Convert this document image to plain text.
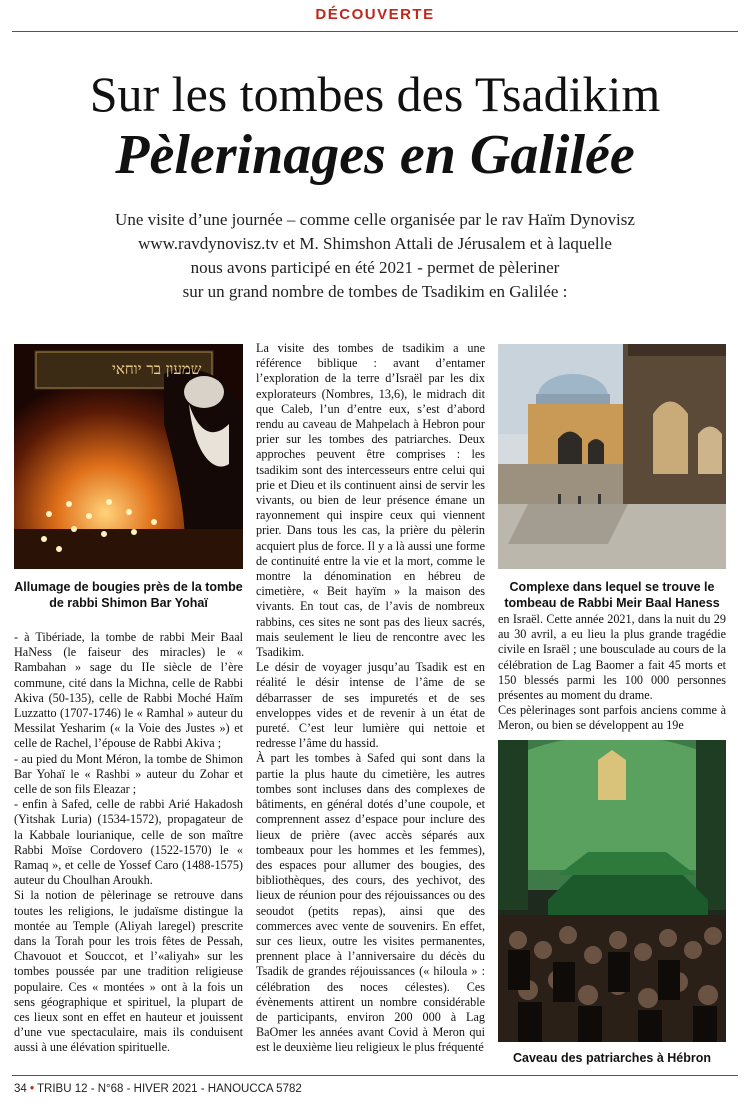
DÉCOUVERTE
Sur les tombes des Tsadikim
Pèlerinages en Galilée
Une visite d’une journée – comme celle organisée par le rav Haïm Dynovisz
www.ravdynovisz.tv et M. Shimshon Attali de Jérusalem et à laquelle
nous avons participé en été 2021 - permet de pèleriner
sur un grand nombre de tombes de Tsadikim en Galilée :
שמעון בר יוחאי
Allumage de bougies près de la tombe de rabbi Shimon Bar Yohaï
Complexe dans lequel se trouve le tombeau de Rabbi Meir Baal Haness
Caveau des patriarches à Hébron

- à Tibériade, la tombe de rabbi Meir Baal HaNess (le faiseur des miracles) le « Rambahan » sage du IIe siècle de l’ère commune, cité dans la Michna, celle de Rabbi Akiva (50-135), celle de Rabbi Moché Haïm Luzzatto (1707-1746) le « Ramhal » auteur du Messilat Yesharim (« la Voie des Justes ») et celle de Rachel, l’épouse de Rabbi Akiva ;

- au pied du Mont Méron, la tombe de Shimon Bar Yohaï le « Rashbi » auteur du Zohar et celle de son fils Eleazar ;

- enfin à Safed, celle de rabbi Arié Hakadosh (Yitshak Luria) (1534-1572), propagateur de la Kabbale lourianique, celle de son maître Rabbi Moïse Cordovero (1522-1570) le « Ramaq », et celle de Yossef Caro (1488-1575) auteur du Choulhan Aroukh.

Si la notion de pèlerinage se retrouve dans toutes les religions, le judaïsme distingue la montée au Temple (Aliyah laregel) prescrite dans la Torah pour les trois fêtes de Pessah, Chavouot et Souccot, et l’«aliyah» sur les tombes poussée par une tradition religieuse populaire. Ces « montées » ont à la fois un sens géographique et spirituel, la plupart de ces lieux sont en effet en hauteur et jouissent d’une vue spectaculaire, mais ils conduisent aussi à une élévation spirituelle.

La visite des tombes de tsadikim a une référence biblique : avant d’entamer l’exploration de la terre d’Israël par les dix explorateurs (Nombres, 13,6), le midrach dit que Caleb, l’un d’entre eux, s’est d’abord rendu au caveau de Mahpelach à Hebron pour prier sur les tombes des patriarches. Deux approches peuvent être comprises : les tsadikim sont des intercesseurs entre celui qui prie et Dieu et ils continuent ainsi de servir les vivants, ou bien de leur présence émane un rayonnement qui inspire ceux qui viennent prier. Dans tous les cas, la prière du pèlerin acquiert plus de force. Il y a là aussi une forme de continuité entre la vie et la mort, comme le montre la dénomination en hébreu de cimetière, « Beit hayïm » la maison des vivants. En tout cas, de l’avis de nombreux rabbins, ces sites ne sont pas des lieux sacrés, mais seulement le lieu de rencontre avec les Tsadikim.

Le désir de voyager jusqu’au Tsadik est en réalité le désir intense de l’âme de se débarrasser de ses impuretés et de ses enveloppes vides et de revenir à un état de pureté. C’est leur lumière qui nettoie et redresse l’âme du hassid.

À part les tombes à Safed qui sont dans la partie la plus haute du cimetière, les autres tombes sont incluses dans des complexes de bâtiments, en général dotés d’une coupole, et comprennent assez d’espace pour inclure des lieux de prière (avec accès séparés aux tombeaux pour les hommes et les femmes), des espaces pour allumer des bougies, des bibliothèques, des cours, des yechivot, des lieux de réunion pour des réjouissances ou des seoudot (petits repas), ainsi que des commerces avec vente de souvenirs. En effet, sur ces lieux, outre les visites permanentes, prennent place à l’anniversaire du décès du Tsadik de grandes réjouissances (« hiloula » : célébration des noces célestes). Ces évènements attirent un nombre considérable de participants, environ 200 000 à Lag BaOmer les années avant Covid à Meron qui est le deuxième lieu religieux le plus fréquenté

en Israël. Cette année 2021, dans la nuit du 29 au 30 avril, a eu lieu la plus grande tragédie civile en Israël ; une bousculade au cours de la célébration de Lag Baomer a fait 45 morts et 150 blessés parmi les 100 000 personnes présentes au moment du drame.

Ces pèlerinages sont parfois anciens comme à Meron, ou bien se développent au 19e

34 • TRIBU 12 - N°68 - HIVER 2021 - HANOUCCA 5782
